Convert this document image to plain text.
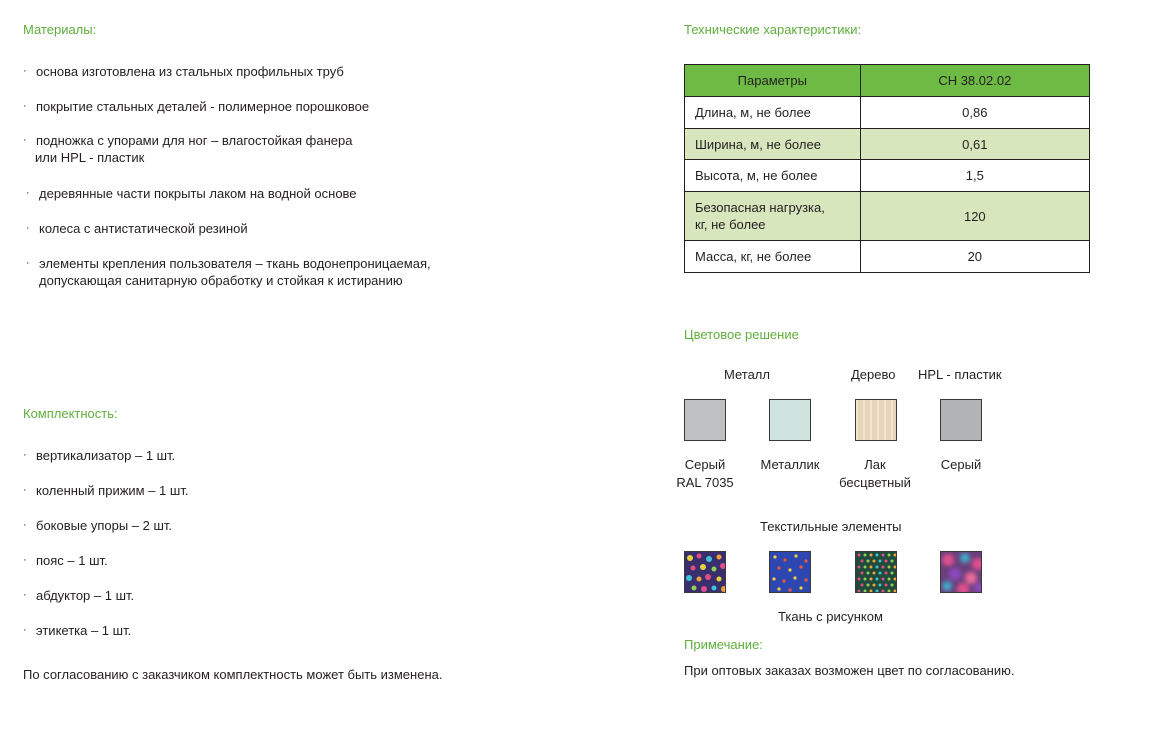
Материалы:
· основа изготовлена из стальных профильных труб
· покрытие стальных деталей - полимерное порошковое
· подножка с упорами для ног – влагостойкая фанера
или HPL - пластик
· деревянные части покрыты лаком на водной основе
· колеса с антистатической резиной
· элементы крепления пользователя – ткань водонепроницаемая,
допускающая санитарную обработку и стойкая к истиранию
Комплектность:
· вертикализатор – 1 шт.
· коленный прижим – 1 шт.
· боковые упоры – 2 шт.
· пояс – 1 шт.
· абдуктор – 1 шт.
· этикетка – 1 шт.
По согласованию с заказчиком комплектность может быть изменена.
Технические характеристики:
Параметры	СН 38.02.02
Длина, м, не более	0,86
Ширина, м, не более	0,61
Высота, м, не более	1,5
Безопасная нагрузка,
кг, не более	120
Масса, кг, не более	20
Цветовое решение
Металл	Дерево HPL - пластик
Серый
RAL 7035
Металлик	Лак
бесцветный
Серый
Текстильные элементы
Ткань с рисунком
Примечание:
При оптовых заказах возможен цвет по согласованию.
